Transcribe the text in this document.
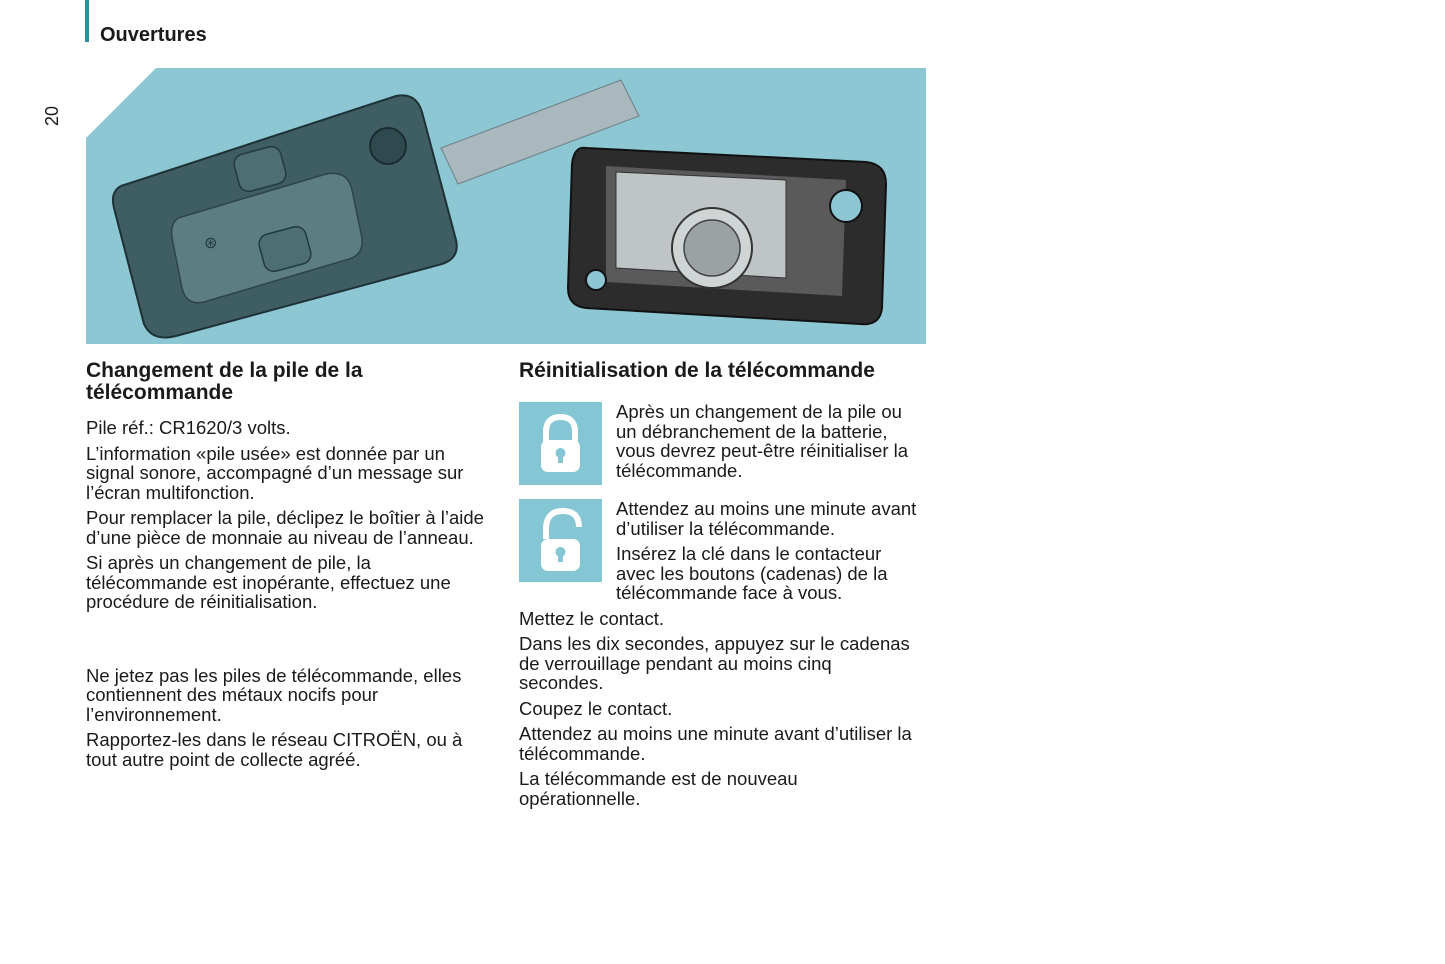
Ouvertures
20
⊛
Changement de la pile de la télécommande

Pile réf.: CR1620/3 volts.

L’information «pile usée» est donnée par un signal sonore, accompagné d’un message sur l’écran multifonction.

Pour remplacer la pile, déclipez le boîtier à l’aide d’une pièce de monnaie au niveau de l’anneau.

Si après un changement de pile, la télécommande est inopérante, effectuez une procédure de réinitialisation.

Ne jetez pas les piles de télécommande, elles contiennent des métaux nocifs pour l’environnement.

Rapportez-les dans le réseau CITROËN, ou à tout autre point de collecte agréé.

Réinitialisation de la télécommande

Après un changement de la pile ou un débranchement de la batterie, vous devrez peut-être réinitialiser la télécommande.

Attendez au moins une minute avant d’utiliser la télécommande.

Insérez la clé dans le contacteur avec les boutons (cadenas) de la télécommande face à vous.

Mettez le contact.

Dans les dix secondes, appuyez sur le cadenas de verrouillage pendant au moins cinq secondes.

Coupez le contact.

Attendez au moins une minute avant d’utiliser la télécommande.

La télécommande est de nouveau opérationnelle.
